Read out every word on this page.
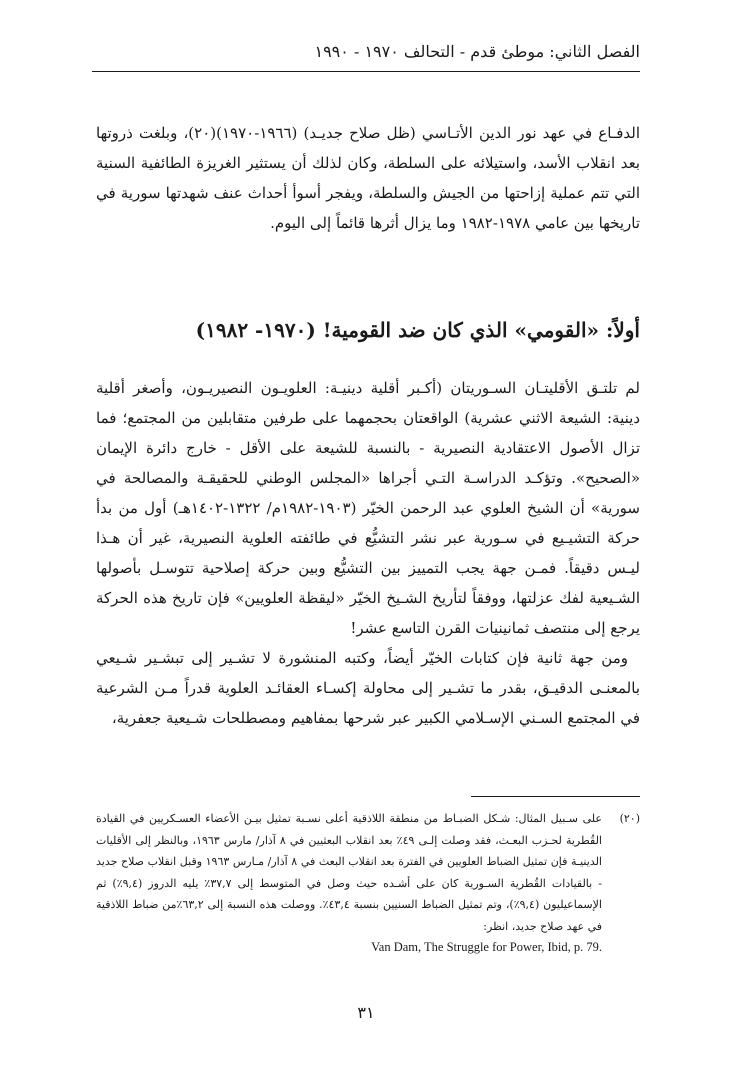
الفصل الثاني: موطئ قدم - التحالف ١٩٧٠ - ١٩٩٠

الدفـاع في عهد نور الدين الأتـاسي (ظل صلاح جديـد) (١٩٦٦-١٩٧٠)(٢٠)، وبلغت ذروتها بعد انقلاب الأسد، واستيلائه على السلطة، وكان لذلك أن يستثير الغريزة الطائفية السنية التي تتم عملية إزاحتها من الجيش والسلطة، ويفجر أسوأ أحداث عنف شهدتها سورية في تاريخها بين عامي ١٩٧٨-١٩٨٢ وما يزال أثرها قائماً إلى اليوم.

أولاً: «القومي» الذي كان ضد القومية! (١٩٧٠- ١٩٨٢)

لم تلتـق الأقليتـان السـوريتان (أكـبر أقلية دينيـة: العلويـون النصيريـون، وأصغر أقلية دينية: الشيعة الاثني عشرية) الواقعتان بحجمهما على طرفين متقابلين من المجتمع؛ فما تزال الأصول الاعتقادية النصيرية - بالنسبة للشيعة على الأقل - خارج دائرة الإيمان «الصحيح». وتؤكـد الدراسـة التـي أجراها «المجلس الوطني للحقيقـة والمصالحة في سورية» أن الشيخ العلوي عبد الرحمن الخيّر (١٩٠٣-١٩٨٢م/ ١٣٢٢-١٤٠٢هـ) أول من بدأ حركة التشيـيع في سـورية عبر نشر التشيُّع في طائفته العلوية النصيرية، غير أن هـذا ليـس دقيقاً. فمـن جهة يجب التمييز بين التشيُّع وبين حركة إصلاحية تتوسـل بأصولها الشـيعية لفك عزلتها، ووفقاً لتأريخ الشـيخ الخيّر «ليقظة العلويين» فإن تاريخ هذه الحركة يرجع إلى منتصف ثمانينيات القرن التاسع عشر!

ومن جهة ثانية فإن كتابات الخيّر أيضاً، وكتبه المنشورة لا تشـير إلى تبشـير شـيعي بالمعنـى الدقيـق، بقدر ما تشـير إلى محاولة إكسـاء العقائـد العلوية قدراً مـن الشرعية في المجتمع السـني الإسـلامي الكبير عبر شرحها بمفاهيم ومصطلحات شـيعية جعفرية،

(٢٠)
على سـبيل المثال: شـكل الضبـاط من منطقة اللاذقية أعلى نسـبة تمثيل بيـن الأعضاء العسـكريين في القيادة القُطرية لحـزب البعـث، فقد وصلت إلـى ٤٩٪ بعد انقلاب البعثيين في ٨ آذار/ مارس ١٩٦٣، وبالنظر إلى الأقليات الدينيـة فإن تمثيل الضباط العلويين في الفترة بعد انقلاب البعث في ٨ آذار/ مـارس ١٩٦٣ وقبل انقلاب صلاح جديد - بالقيادات القُطرية السـورية كان على أشـده حيث وصل في المتوسط إلى ٣٧,٧٪ يليه الدروز (٩,٤٪) ثم الإسماعيليون (٩,٤٪)، وتم تمثيل الضباط السنيين بنسبة ٤٣,٤٪. ووصلت هذه النسبة إلى ٦٣,٢٪من ضباط اللاذقية في عهد صلاح جديد، انظر:
Van Dam, The Struggle for Power, Ibid, p. 79.
٣١
